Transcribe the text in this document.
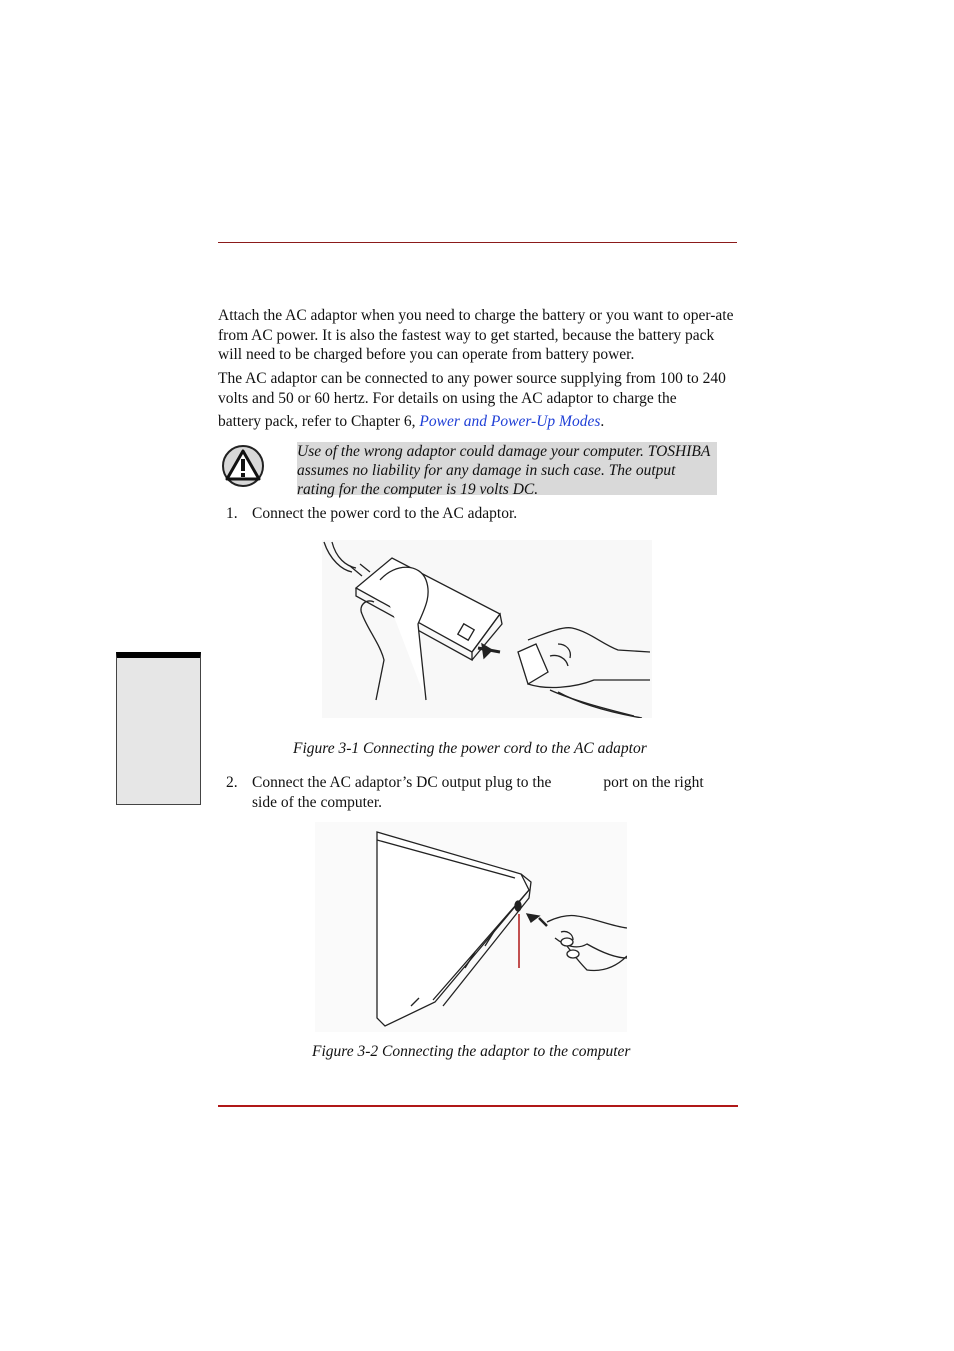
Attach the AC adaptor when you need to charge the battery or you want to oper-ate from AC power. It is also the fastest way to get started, because the battery pack will need to be charged before you can operate from battery power.

The AC adaptor can be connected to any power source supplying from 100 to 240 volts and 50 or 60 hertz. For details on using the AC adaptor to charge the
battery pack, refer to Chapter 6, Power and Power-Up Modes.

Use of the wrong adaptor could damage your computer. TOSHIBA assumes no liability for any damage in such case. The output rating for the computer is 19 volts DC.

1. Connect the power cord to the AC adaptor.
Figure 3-1 Connecting the power cord to the AC adaptor
2. Connect the AC adaptor’s DC output plug to the	port on the right side of the computer.
Figure 3-2 Connecting the adaptor to the computer
